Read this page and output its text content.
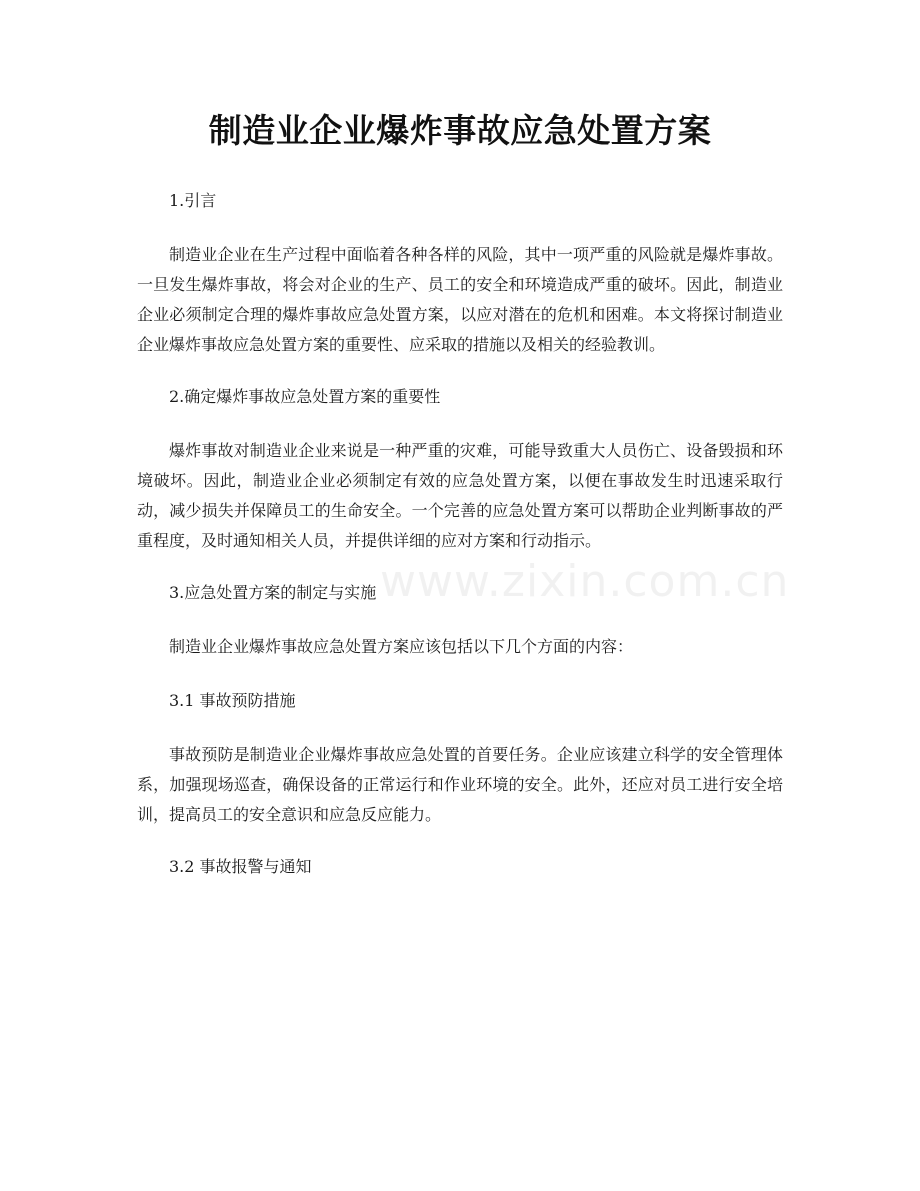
制造业企业爆炸事故应急处置方案

1.引言

制造业企业在生产过程中面临着各种各样的风险，其中一项严重的风险就是爆炸事故。一旦发生爆炸事故，将会对企业的生产、员工的安全和环境造成严重的破坏。因此，制造业企业必须制定合理的爆炸事故应急处置方案，以应对潜在的危机和困难。本文将探讨制造业企业爆炸事故应急处置方案的重要性、应采取的措施以及相关的经验教训。

2.确定爆炸事故应急处置方案的重要性

爆炸事故对制造业企业来说是一种严重的灾难，可能导致重大人员伤亡、设备毁损和环境破坏。因此，制造业企业必须制定有效的应急处置方案，以便在事故发生时迅速采取行动，减少损失并保障员工的生命安全。一个完善的应急处置方案可以帮助企业判断事故的严重程度，及时通知相关人员，并提供详细的应对方案和行动指示。

3.应急处置方案的制定与实施

制造业企业爆炸事故应急处置方案应该包括以下几个方面的内容：

3.1 事故预防措施

事故预防是制造业企业爆炸事故应急处置的首要任务。企业应该建立科学的安全管理体系，加强现场巡查，确保设备的正常运行和作业环境的安全。此外，还应对员工进行安全培训，提高员工的安全意识和应急反应能力。

3.2 事故报警与通知

www.zixin.com.cn
